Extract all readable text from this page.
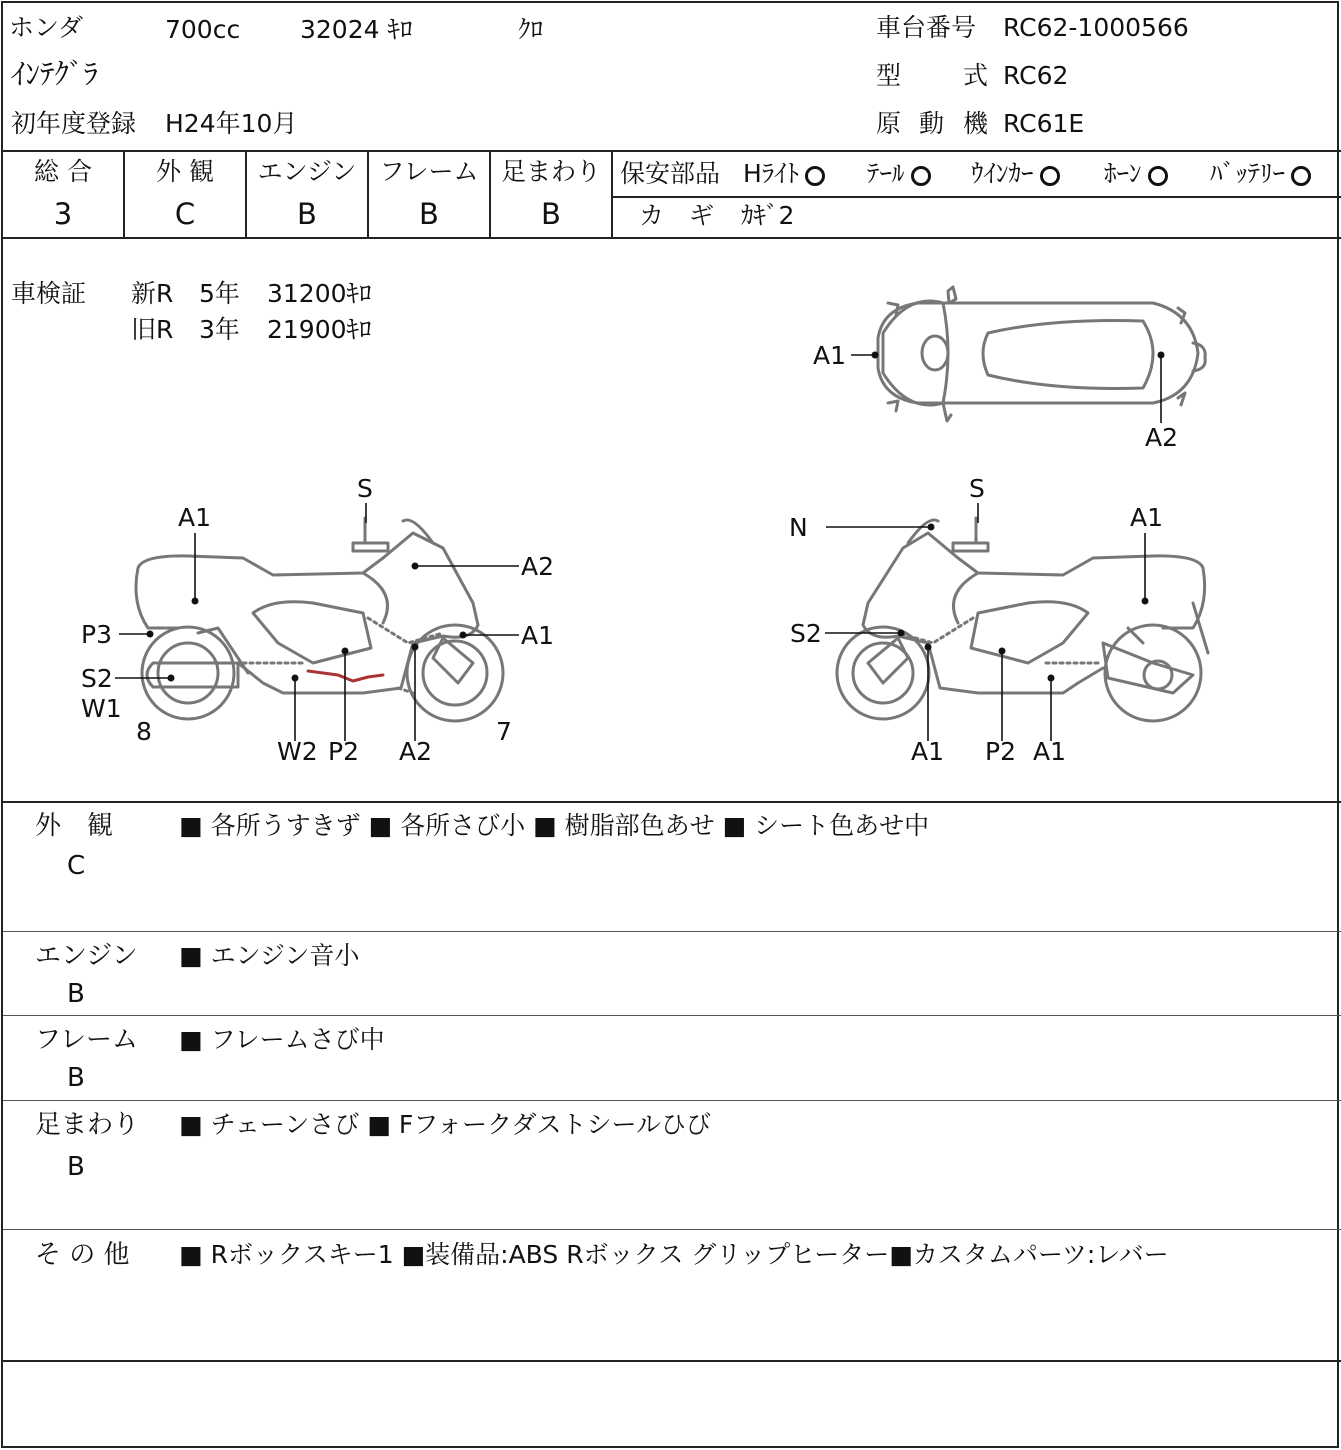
ホンダ	700cc 32024 ｷﾛ	ｸﾛ
ｲﾝﾃｸﾞﾗ
初年度登録 H24年10月
車台番号 RC62-1000566
型 式 RC62
原 動 機 RC61E
総 合
3
外 観
C
エンジン
B
フレーム
B
足まわり
B
保安部品 Hﾗｲﾄ	ﾃｰﾙ	ｳｲﾝｶｰ	ﾎｰﾝ	ﾊﾞｯﾃﾘｰ
カ　ギ ｶｷﾞ2
車検証 新R 5年 31200ｷﾛ
旧R 3年 21900ｷﾛ
A1
A2
S
A1
A2
A1
P3
S2
W1
8
W2 P2 A2
7
S
N	A1
S2
A1 P2 A1
外　観
C
■ 各所うすきず ■ 各所さび小 ■ 樹脂部色あせ ■ シート色あせ中
エンジン
B
■ エンジン音小
フレーム
B
■ フレームさび中
足まわり
B
■ チェーンさび ■ Fフォークダストシールひび
そ の 他 ■ Rボックスキー1 ■装備品:ABS Rボックス グリップヒーター■カスタムパーツ:レバー
